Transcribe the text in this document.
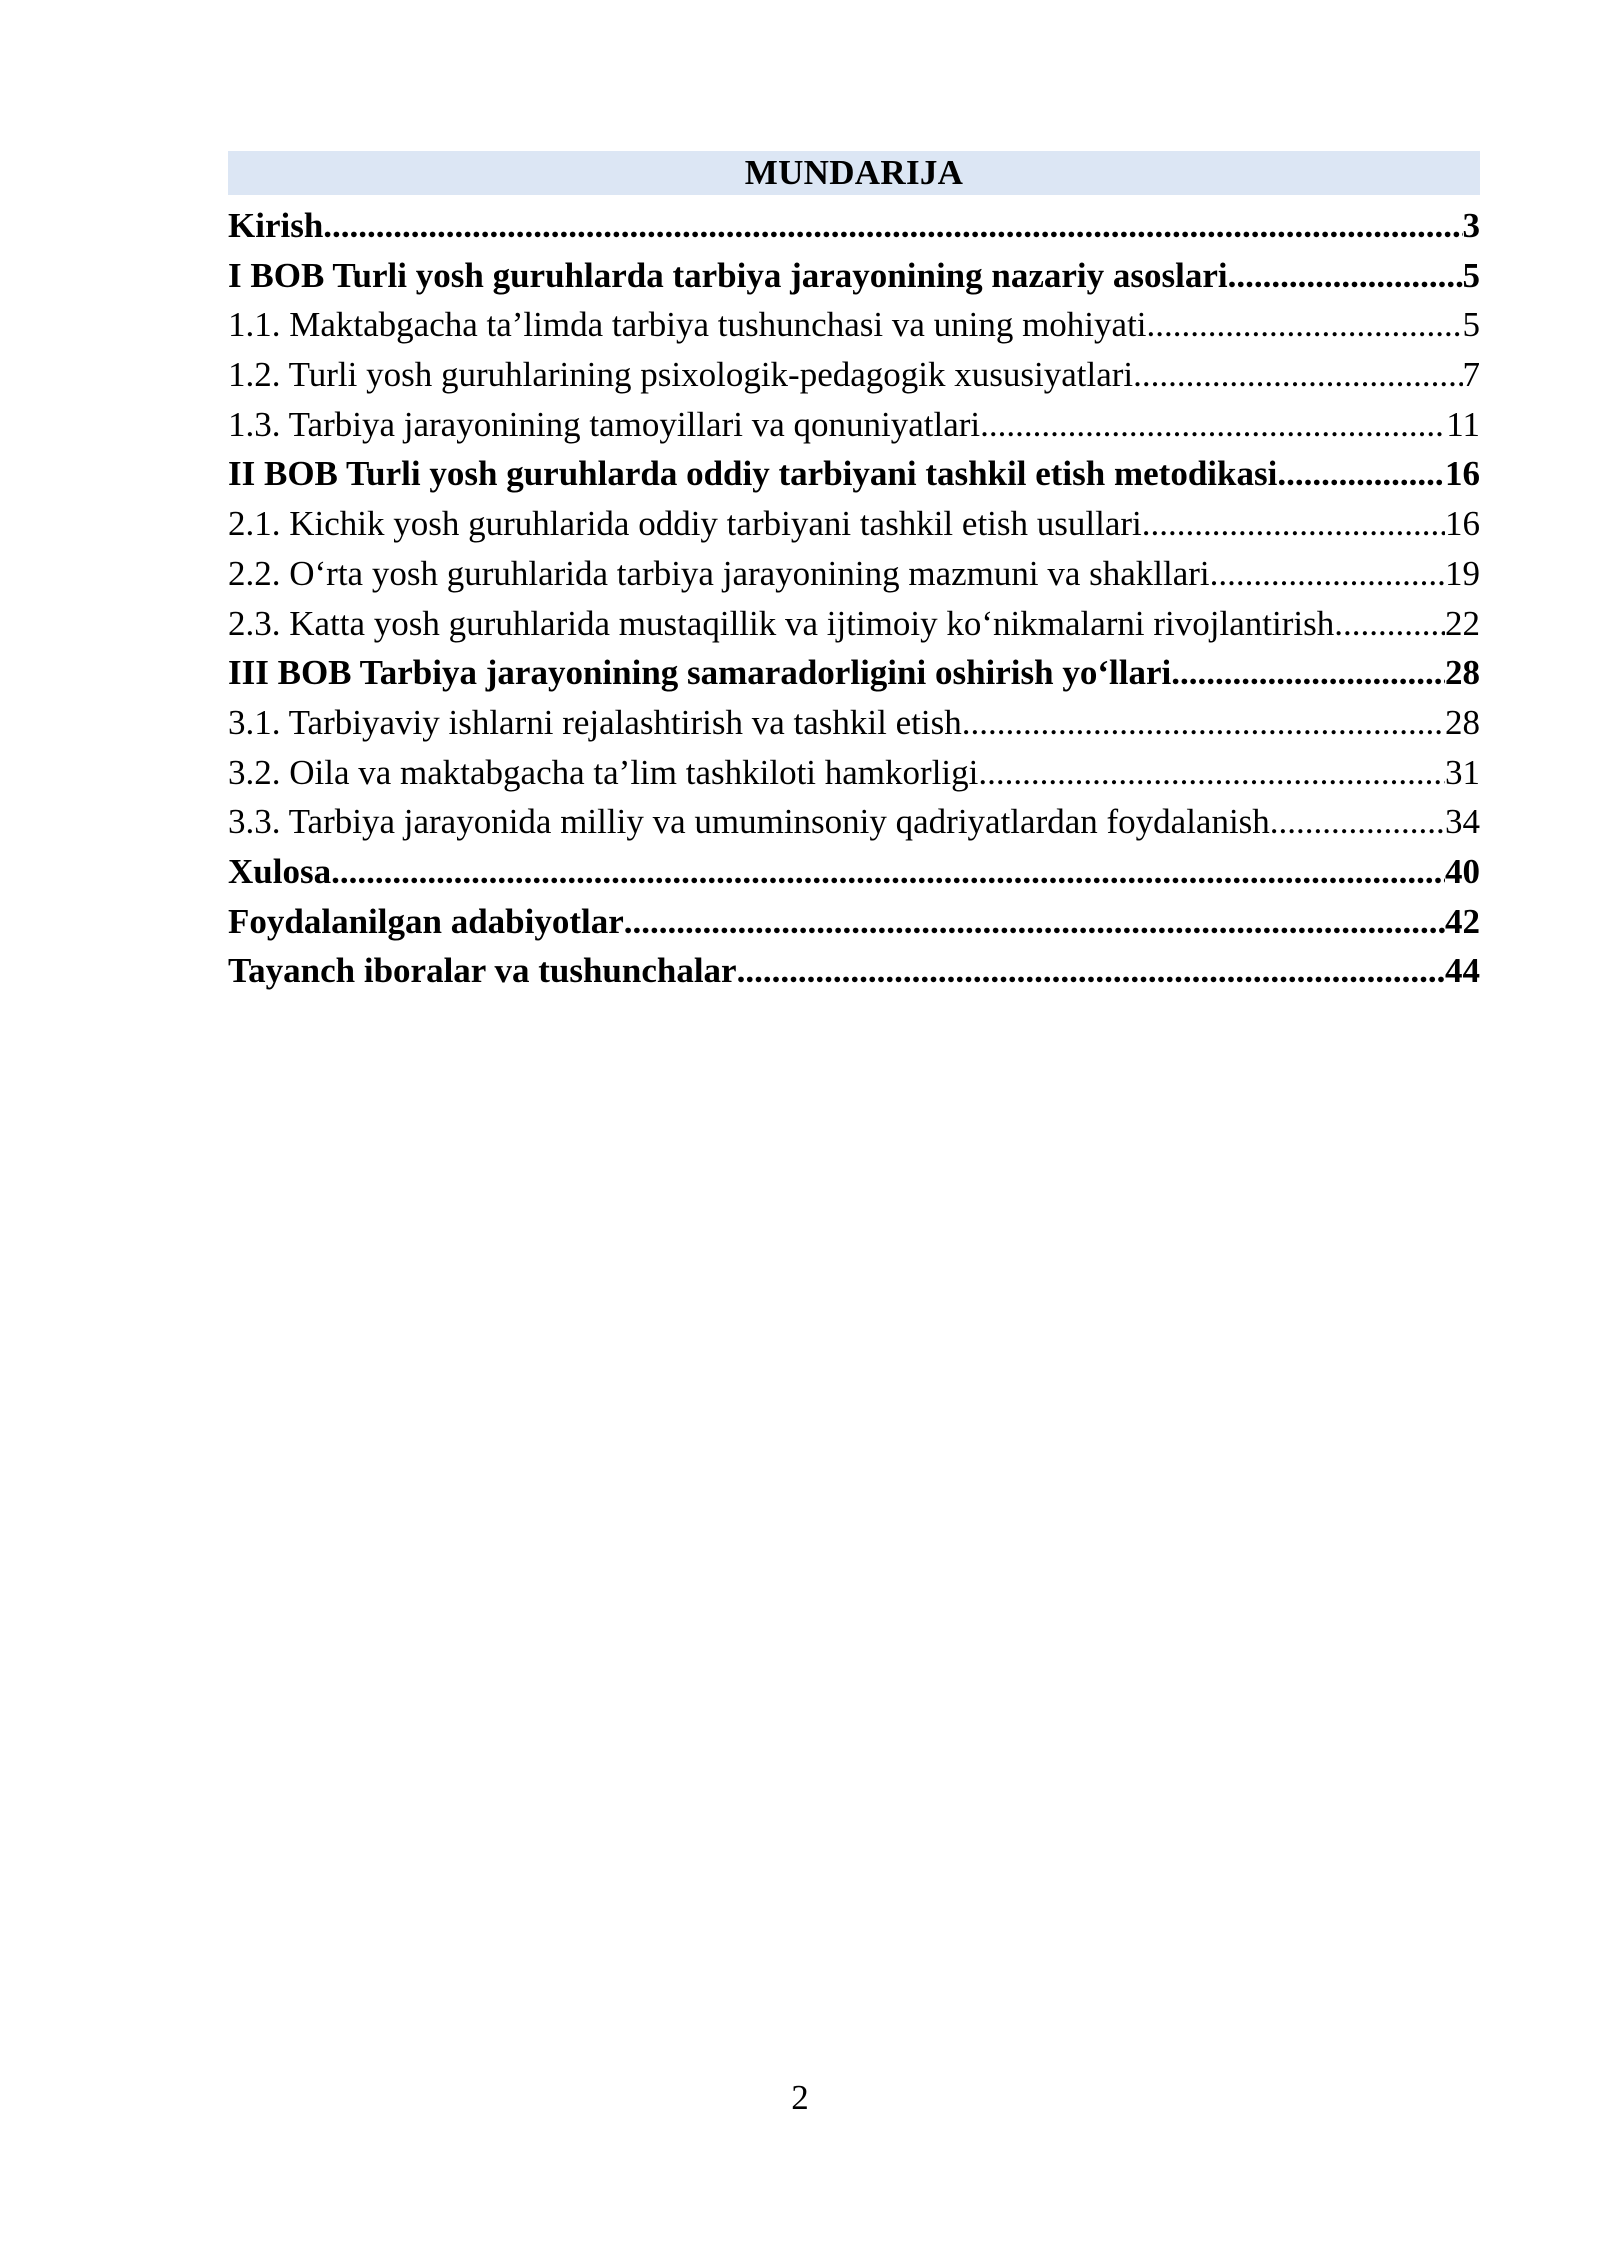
MUNDARIJA
Kirish .....	3
I BOB Turli yosh guruhlarda tarbiya jarayonining nazariy asoslari .....	5
1.1. Maktabgacha ta’limda tarbiya tushunchasi va uning mohiyati .....	5
1.2. Turli yosh guruhlarining psixologik-pedagogik xususiyatlari .....	7
1.3. Tarbiya jarayonining tamoyillari va qonuniyatlari .....	11
II BOB Turli yosh guruhlarda oddiy tarbiyani tashkil etish metodikasi .....	16
2.1. Kichik yosh guruhlarida oddiy tarbiyani tashkil etish usullari .....	16
2.2. O‘rta yosh guruhlarida tarbiya jarayonining mazmuni va shakllari .....	19
2.3. Katta yosh guruhlarida mustaqillik va ijtimoiy ko‘nikmalarni rivojlantirish .....	22
III BOB Tarbiya jarayonining samaradorligini oshirish yo‘llari .....	28
3.1. Tarbiyaviy ishlarni rejalashtirish va tashkil etish .....	28
3.2. Oila va maktabgacha ta’lim tashkiloti hamkorligi .....	31
3.3. Tarbiya jarayonida milliy va umuminsoniy qadriyatlardan foydalanish .....	34
Xulosa .....	40
Foydalanilgan adabiyotlar .....	42
Tayanch iboralar va tushunchalar .....	44
2
